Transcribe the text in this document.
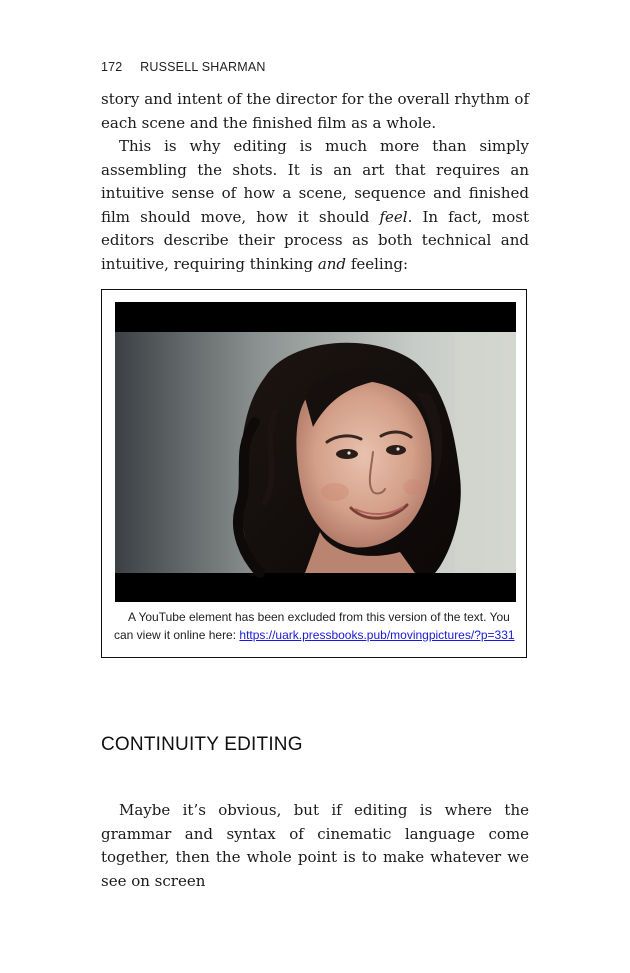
172 RUSSELL SHARMAN

story and intent of the director for the overall rhythm of each scene and the finished film as a whole.

This is why editing is much more than simply assembling the shots. It is an art that requires an intuitive sense of how a scene, sequence and finished film should move, how it should feel. In fact, most editors describe their process as both technical and intuitive, requiring thinking and feeling:

A YouTube element has been excluded from this version of the text. You can view it online here: https://uark.pressbooks.pub/movingpictures/?p=331
CONTINUITY EDITING

Maybe it’s obvious, but if editing is where the grammar and syntax of cinematic language come together, then the whole point is to make whatever we see on screen
